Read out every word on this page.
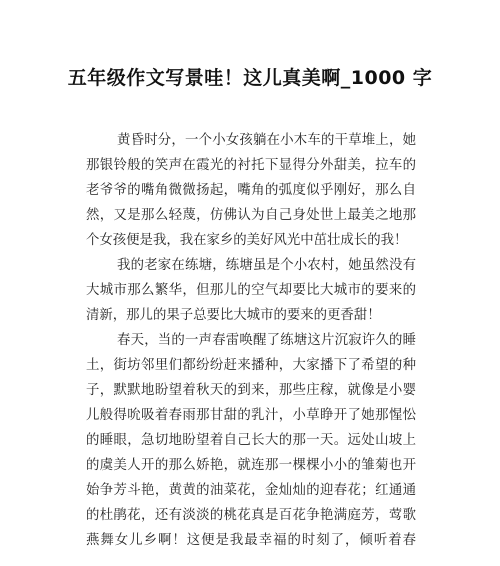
五年级作文写景哇！这儿真美啊_1000 字
黄昏时分，一个小女孩躺在小木车的干草堆上，她
那银铃般的笑声在霞光的衬托下显得分外甜美，拉车的
老爷爷的嘴角微微扬起，嘴角的弧度似乎刚好，那么自
然，又是那么轻蔑，仿佛认为自己身处世上最美之地那
个女孩便是我，我在家乡的美好风光中茁壮成长的我！
我的老家在练塘，练塘虽是个小农村，她虽然没有
大城市那么繁华，但那儿的空气却要比大城市的要来的
清新，那儿的果子总要比大城市的要来的更香甜！
春天，当的一声春雷唤醒了练塘这片沉寂许久的睡
土，街坊邻里们都纷纷赶来播种，大家播下了希望的种
子，默默地盼望着秋天的到来，那些庄稼，就像是小婴
儿般得吮吸着春雨那甘甜的乳汁，小草睁开了她那惺忪
的睡眼，急切地盼望着自己长大的那一天。远处山坡上
的虞美人开的那么娇艳，就连那一棵棵小小的雏菊也开
始争芳斗艳，黄黄的油菜花，金灿灿的迎春花；红通通
的杜鹃花，还有淡淡的桃花真是百花争艳满庭芳，莺歌
燕舞女儿乡啊！这便是我最幸福的时刻了，倾听着春
